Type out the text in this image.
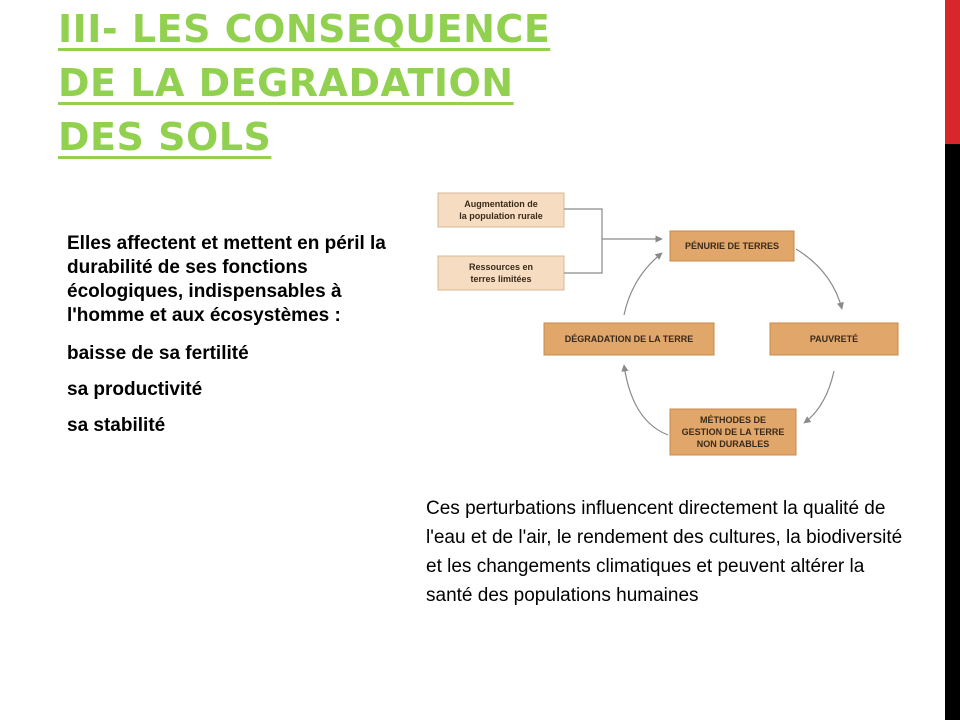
III- LES CONSEQUENCE
DE LA DEGRADATION
DES SOLS

Elles affectent et mettent en péril la durabilité de ses fonctions écologiques, indispensables à l'homme et aux écosystèmes :

baisse de sa fertilité

sa productivité

sa stabilité

Augmentation de
la population rurale
Ressources en
terres limitées
PÉNURIE DE TERRES
PAUVRETÉ
MÉTHODES DE
GESTION DE LA TERRE
NON DURABLES
DÉGRADATION DE LA TERRE

Ces perturbations influencent directement la qualité de l'eau et de l'air, le rendement des cultures, la biodiversité et les changements climatiques et peuvent altérer la santé des populations humaines
